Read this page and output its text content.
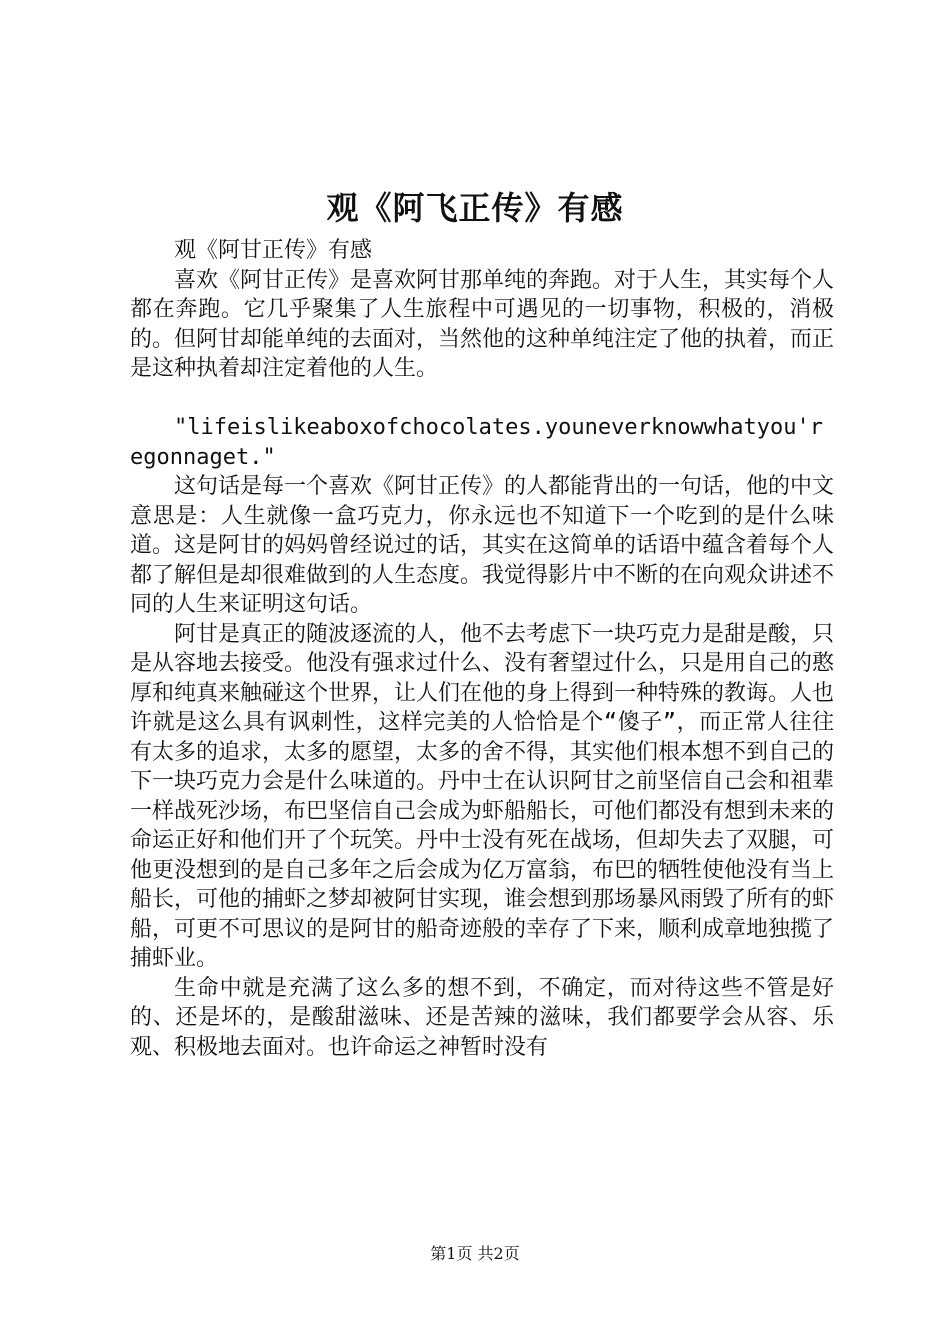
观《阿飞正传》有感

观《阿甘正传》有感

喜欢《阿甘正传》是喜欢阿甘那单纯的奔跑。对于人生，其实每个人都在奔跑。它几乎聚集了人生旅程中可遇见的一切事物，积极的，消极的。但阿甘却能单纯的去面对，当然他的这种单纯注定了他的执着，而正是这种执着却注定着他的人生。

"lifeislikeaboxofchocolates.youneverknowwhatyou'regonnaget."

这句话是每一个喜欢《阿甘正传》的人都能背出的一句话，他的中文意思是：人生就像一盒巧克力，你永远也不知道下一个吃到的是什么味道。这是阿甘的妈妈曾经说过的话，其实在这简单的话语中蕴含着每个人都了解但是却很难做到的人生态度。我觉得影片中不断的在向观众讲述不同的人生来证明这句话。

阿甘是真正的随波逐流的人，他不去考虑下一块巧克力是甜是酸，只是从容地去接受。他没有强求过什么、没有奢望过什么，只是用自己的憨厚和纯真来触碰这个世界，让人们在他的身上得到一种特殊的教诲。人也许就是这么具有讽刺性，这样完美的人恰恰是个“傻子”，而正常人往往有太多的追求，太多的愿望，太多的舍不得，其实他们根本想不到自己的下一块巧克力会是什么味道的。丹中士在认识阿甘之前坚信自己会和祖辈一样战死沙场，布巴坚信自己会成为虾船船长，可他们都没有想到未来的命运正好和他们开了个玩笑。丹中士没有死在战场，但却失去了双腿，可他更没想到的是自己多年之后会成为亿万富翁，布巴的牺牲使他没有当上船长，可他的捕虾之梦却被阿甘实现，谁会想到那场暴风雨毁了所有的虾船，可更不可思议的是阿甘的船奇迹般的幸存了下来，顺利成章地独揽了捕虾业。

生命中就是充满了这么多的想不到，不确定，而对待这些不管是好的、还是坏的，是酸甜滋味、还是苦辣的滋味，我们都要学会从容、乐观、积极地去面对。也许命运之神暂时没有

第1页 共2页
